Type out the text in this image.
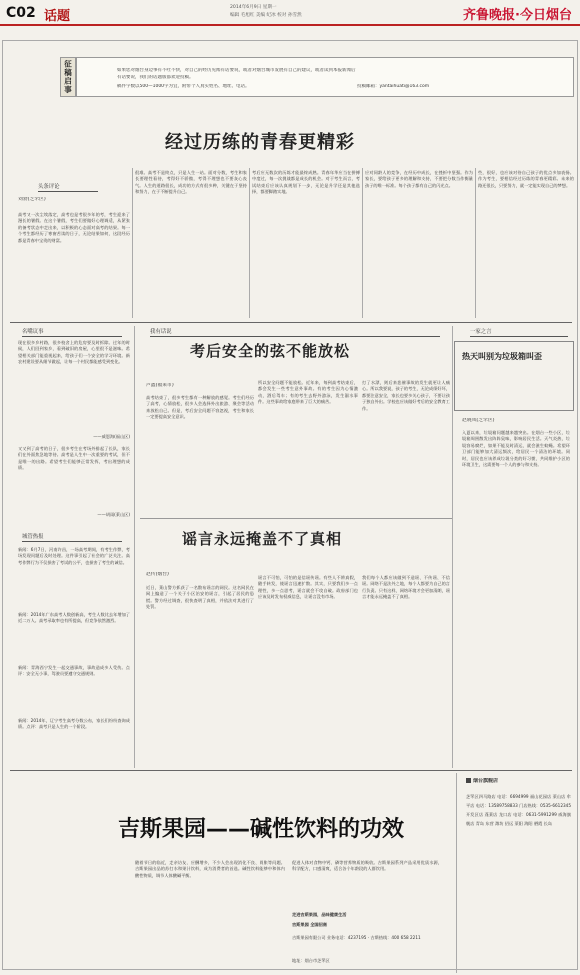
C02 话题
2014年6月9日 星期一
编辑 毛旭红 美编 纪冰 校对 孙雪然	齐鲁晚报·今日烟台
征稿启事	如果您对烟台身边事有不吐不快，对自己的经历见闻有话要说，或者对烟台城市发展有自己的建议，或者读到本报新闻后
有话要说，我们的话题版都欢迎投稿。
稿件字数以500—1000字为宜，附带个人真实姓名、地址、电话。	投稿邮箱：yantaihuati@163.com
经过历练的青春更精彩
头条评论
刘勃(芝罘区)
高考又一次尘埃落定，高考也是考很多年的考，考生迎来了漫长的暑假。在这个暑假，考生们要做好心理调适，从紧张的备考状态中走出来，以积极的心态面对高考的结果。每一个考生都经历了寒窗苦读的日子，无论结果如何，这段经历都是青春中宝贵的财富。
很难。高考不是终点，只是人生一站。面对分数，考生和家长要理性看待，考得好不骄傲，考得不理想也不要灰心丧气。人生的道路很长，成功的方式有很多种，关键在于坚持和努力，在于不断提升自己。
考后应无数次的历练才能最终成熟。青春年华应当在拼搏中度过，每一次挑战都是成长的机会。对于考生而言，考试结束后应该认真规划下一步，无论是升学还是其他选择，都要脚踏实地。
应对同龄人的竞争，在经历中成长，在挫折中坚强。作为家长，要给孩子更多的理解和支持，不要把分数当作衡量孩子的唯一标准。每个孩子都有自己的闪光点。
些，很好，也应该对待自己孩子的优点多加表扬。作为考生，要相信经过历练的青春更精彩。未来的路还很长，只要努力，就一定能实现自己的梦想。
名嘴议事
现在很多乡村路，很多校舍上的危房要及时拆除。过年的时候，人们回到家乡，看到破旧的房屋，心里很不是滋味。希望相关部门能重视起来，给孩子们一个安全的学习环境。新农村建设要从细节做起，让每一个村民都能感受到变化。
——威恩海(福山区)
又又到了高考的日子，很多考生在考场外排起了长队，家长们在外面焦急地等待。高考是人生中一次重要的考试，但不是唯一的出路。希望考生们能够正常发挥，考出理想的成绩。
——胡雨(莱山区)
我有话说
考后安全的弦不能放松
卢鑫(福莱市)
高考结束了，很多考生都有一种解放的感觉。考生们经历了高考，心情放松，很多人会选择外出旅游、聚会等活动来放松自己。但是，考后安全问题不容忽视，考生和家长一定要提高安全意识。
所以安全问题不能放松。近年来，每到高考结束后，都会发生一些考生意外事故。有的考生因为心情激动，酒后驾车；有的考生去野外游泳，发生溺水事件。这些事故给家庭带来了巨大的痛苦。
打了水漂，则后来悲催事故的发生就更让人痛心。所以我要说，孩子的考生，无论成绩好坏，都要注意安全，家长也要多关心孩子，不要让孩子独自外出。学校也应该做好考后的安全教育工作。
一家之言
热天叫别为垃圾箱叫歪
赵晓凤(芝罘区)
入夏以来，垃圾箱问题越来越突出。在烟台一些小区，垃圾箱周围散发出阵阵臭味，影响居民生活。天气炎热，垃圾容易腐烂，如果不能及时清运，就会滋生蚊蝇。希望环卫部门能够加大清运频次，给居民一个清洁的环境。同时，居民也应该养成垃圾分类的好习惯，共同维护小区的环境卫生，这需要每一个人的参与和支持。
城管热报
新闻：6月7日，河南许昌，一场高考期间，有考生作弊，考场发现问题后及时处理。这件事引起了社会的广泛关注。高考作弊行为不仅损害了考试的公平，也损害了考生的诚信。
新闻：2014年广东高考人数创新高，考生人数比去年增加了近二万人。高考录取率也有所提高，但竞争依然激烈。
新闻：青海西宁发生一起交通事故，事故造成多人受伤。点评：安全无小事，驾驶员要遵守交通规则。
新闻：2014年，辽宁考生高考分数公布，家长们纷纷查询成绩。点评：高考只是人生的一个阶段。
谣言永远掩盖不了真相
赵传(烟台)
近日，莱山警方抓获了一名散布谣言的网民。这名网民在网上编造了一个关于小区治安的谣言，引起了居民的恐慌。警方经过调查，很快查明了真相，并依法对其进行了处罚。
谣言不可怕，可怕的是信谣传谣。有些人不辨真假，随手转发，使谣言迅速扩散。其实，只要我们多一点理性，多一点思考，谣言就会不攻自破。政府部门也应该及时发布权威信息，让谣言没有市场。
我们每个人都应该做到不造谣、不传谣、不信谣。网络不是法外之地，每个人都要为自己的言行负责。只有这样，网络环境才会更加清朗，谣言才能永远掩盖不了真相。
吉斯果园——碱性饮料的功效
随着节日的临近，走亲访友、应酬增多，不少人会出现消化不良、胃胀等问题。吉斯果园出品的苏打水和果汁饮料，成为消费者的首选。碱性饮料能够中和体内酸性物质，调节人体酸碱平衡。
促进人体对食物中钙、磷等营养物质的吸收。吉斯果园系列产品采用优质水源，科学配方，口感清爽，适合各个年龄段的人群饮用。
走进吉斯果园，品味健康生活
吉斯果园 全国招商
吉斯果园有限公司 业务电话：4237195 · 吉斯热线：400 658 2211
地址：烟台市芝罘区
烟台旗舰店
芝罘区四马路店 电话：6694999 福山花园店 莱山店 牟平店 电话：13589758833 门店热线：0535-6612345 开发区店 蓬莱店 龙口店 电话：0631-5991299 威海旗舰店 青岛 东营 潍坊 招远 莱阳 海阳 栖霞 长岛
